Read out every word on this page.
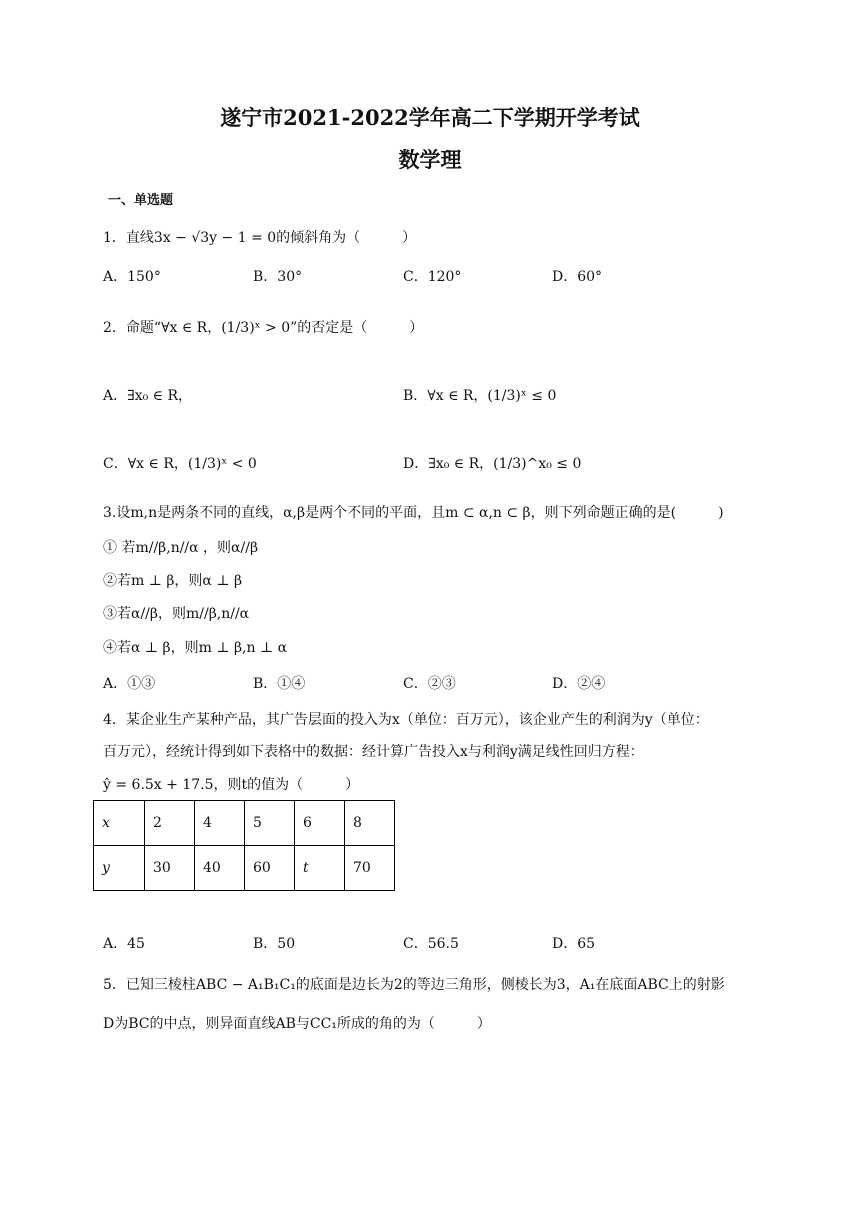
遂宁市2021-2022学年高二下学期开学考试
数学理
一、单选题
1．直线3x − √3y − 1 = 0的倾斜角为（　　　）
A．150°	B．30°	C．120°	D．60°
2．命题“∀x ∈ R，(1/3)ˣ > 0”的否定是（　　　）
A．∃x₀ ∈ R，	B．∀x ∈ R，(1/3)ˣ ≤ 0
C．∀x ∈ R，(1/3)ˣ < 0	D．∃x₀ ∈ R，(1/3)^x₀ ≤ 0
3.设m,n是两条不同的直线，α,β是两个不同的平面，且m ⊂ α,n ⊂ β，则下列命题正确的是(　　　)
① 若m//β,n//α ，则α//β
②若m ⊥ β，则α ⊥ β
③若α//β，则m//β,n//α
④若α ⊥ β，则m ⊥ β,n ⊥ α
A．①③	B．①④	C．②③	D．②④
4．某企业生产某种产品，其广告层面的投入为x（单位：百万元），该企业产生的利润为y（单位：
百万元），经统计得到如下表格中的数据：经计算广告投入x与利润y满足线性回归方程：
ŷ = 6.5x + 17.5，则t的值为（　　　）
x	2	4	5	6	8
y	30	40	60	t	70
A．45	B．50	C．56.5	D．65
5．已知三棱柱ABC − A₁B₁C₁的底面是边长为2的等边三角形，侧棱长为3，A₁在底面ABC上的射影
D为BC的中点，则异面直线AB与CC₁所成的角的为（　　　）
